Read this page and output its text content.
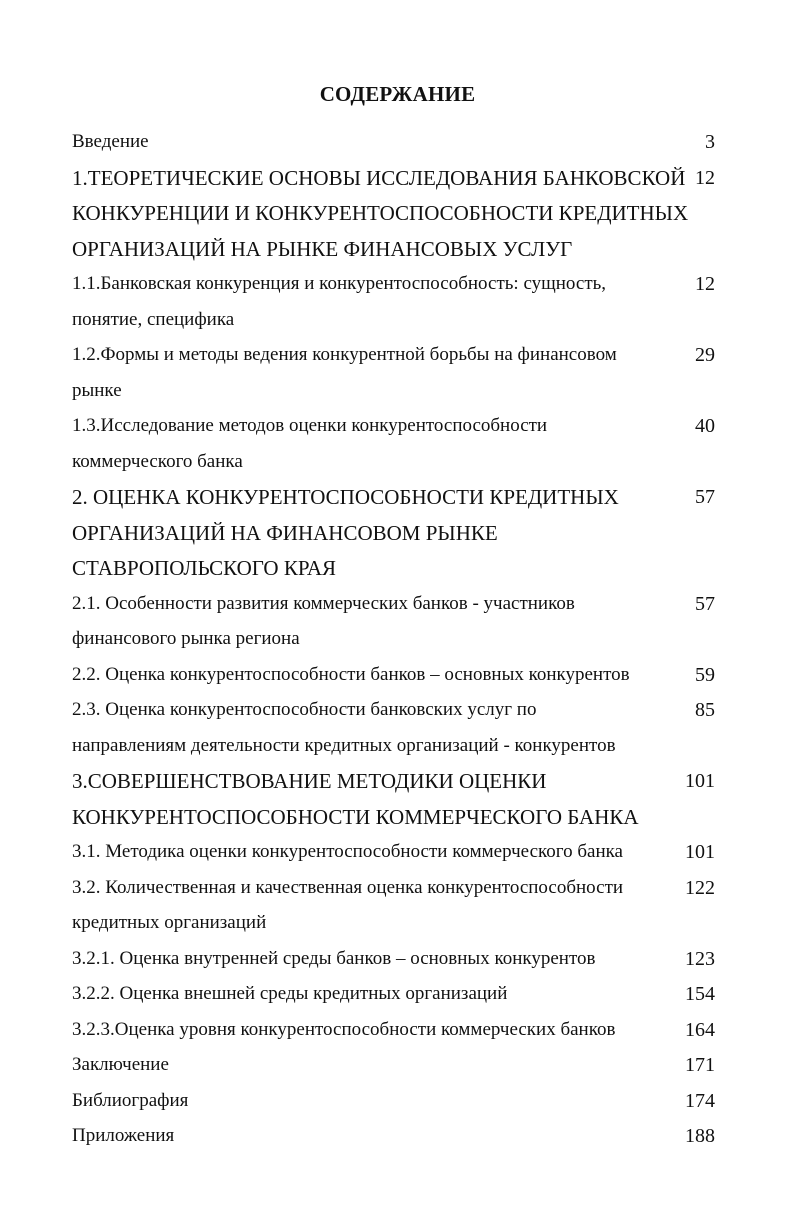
СОДЕРЖАНИЕ
Введение	3
1.ТЕОРЕТИЧЕСКИЕ ОСНОВЫ ИССЛЕДОВАНИЯ БАНКОВСКОЙ 12
КОНКУРЕНЦИИ И КОНКУРЕНТОСПОСОБНОСТИ КРЕДИТНЫХ
ОРГАНИЗАЦИЙ НА РЫНКЕ ФИНАНСОВЫХ УСЛУГ
1.1.Банковская конкуренция и конкурентоспособность: сущность,	12
понятие, специфика
1.2.Формы и методы ведения конкурентной борьбы на финансовом	29
рынке
1.3.Исследование методов оценки конкурентоспособности	40
коммерческого банка
2. ОЦЕНКА КОНКУРЕНТОСПОСОБНОСТИ КРЕДИТНЫХ	57
ОРГАНИЗАЦИЙ НА ФИНАНСОВОМ РЫНКЕ
СТАВРОПОЛЬСКОГО КРАЯ
2.1. Особенности развития коммерческих банков - участников	57
финансового рынка региона
2.2. Оценка конкурентоспособности банков – основных конкурентов	59
2.3. Оценка конкурентоспособности банковских услуг по	85
направлениям деятельности кредитных организаций - конкурентов
3.СОВЕРШЕНСТВОВАНИЕ МЕТОДИКИ ОЦЕНКИ	101
КОНКУРЕНТОСПОСОБНОСТИ КОММЕРЧЕСКОГО БАНКА
3.1. Методика оценки конкурентоспособности коммерческого банка	101
3.2. Количественная и качественная оценка конкурентоспособности	122
кредитных организаций
3.2.1. Оценка внутренней среды банков – основных конкурентов	123
3.2.2. Оценка внешней среды кредитных организаций	154
3.2.3.Оценка уровня конкурентоспособности коммерческих банков	164
Заключение	171
Библиография	174
Приложения	188
